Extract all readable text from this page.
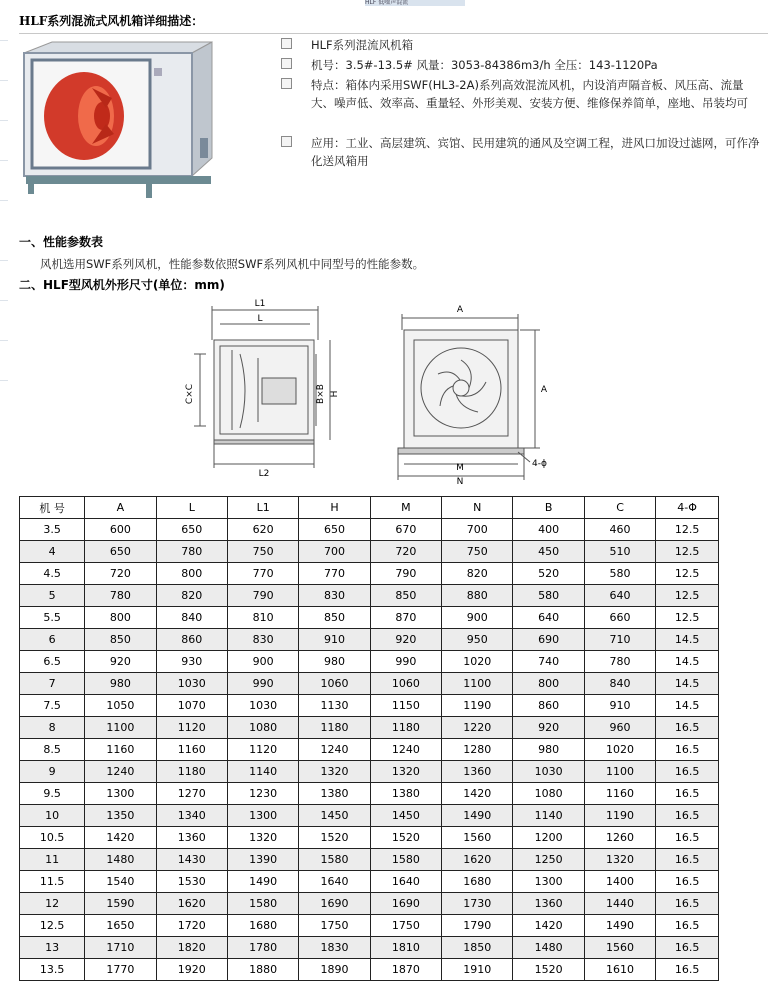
HLF 低噪声混流
HLF系列混流式风机箱详细描述：
HLF系列混流风机箱
机号：3.5#-13.5# 风量：3053-84386m3/h 全压：143-1120Pa
特点：箱体内采用SWF(HL3-2A)系列高效混流风机，内设消声隔音板、风压高、流量大、噪声低、效率高、重量轻、外形美观、安装方便、维修保养简单，座地、吊装均可
应用：工业、高层建筑、宾馆、民用建筑的通风及空调工程，进风口加设过滤网，可作净化送风箱用
一、性能参数表
风机选用SWF系列风机，性能参数依照SWF系列风机中同型号的性能参数。
二、HLF型风机外形尺寸(单位：mm)
L1
L
L2
C×C	B×B H
A
A
M
N
4-ϕ
机 号	A	L	L1	H	M	N	B	C	4-Φ
3.5	600	650	620	650	670	700	400	460	12.5
4	650	780	750	700	720	750	450	510	12.5
4.5	720	800	770	770	790	820	520	580	12.5
5	780	820	790	830	850	880	580	640	12.5
5.5	800	840	810	850	870	900	640	660	12.5
6	850	860	830	910	920	950	690	710	14.5
6.5	920	930	900	980	990	1020	740	780	14.5
7	980	1030	990	1060	1060	1100	800	840	14.5
7.5	1050	1070	1030	1130	1150	1190	860	910	14.5
8	1100	1120	1080	1180	1180	1220	920	960	16.5
8.5	1160	1160	1120	1240	1240	1280	980	1020	16.5
9	1240	1180	1140	1320	1320	1360	1030	1100	16.5
9.5	1300	1270	1230	1380	1380	1420	1080	1160	16.5
10	1350	1340	1300	1450	1450	1490	1140	1190	16.5
10.5	1420	1360	1320	1520	1520	1560	1200	1260	16.5
11	1480	1430	1390	1580	1580	1620	1250	1320	16.5
11.5	1540	1530	1490	1640	1640	1680	1300	1400	16.5
12	1590	1620	1580	1690	1690	1730	1360	1440	16.5
12.5	1650	1720	1680	1750	1750	1790	1420	1490	16.5
13	1710	1820	1780	1830	1810	1850	1480	1560	16.5
13.5	1770	1920	1880	1890	1870	1910	1520	1610	16.5
